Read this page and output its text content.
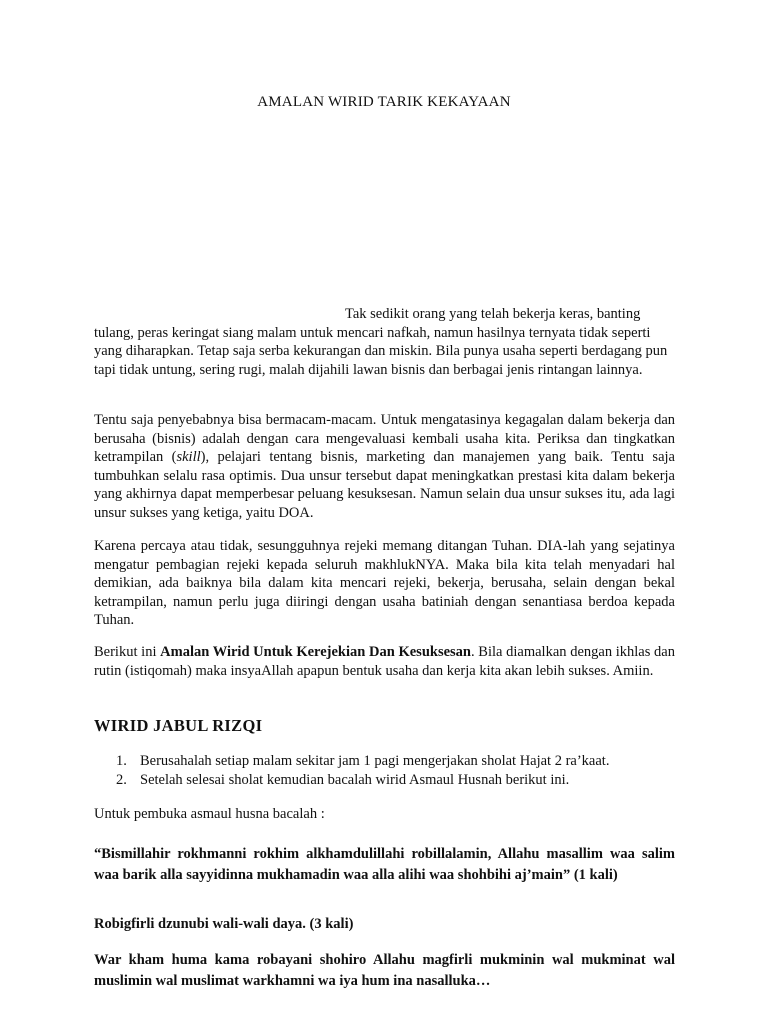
AMALAN WIRID TARIK KEKAYAAN
Tak sedikit orang yang telah bekerja keras, banting
tulang, peras keringat siang malam untuk mencari nafkah, namun hasilnya ternyata tidak seperti yang diharapkan. Tetap saja serba kekurangan dan miskin. Bila punya usaha seperti berdagang pun tapi tidak untung, sering rugi, malah dijahili lawan bisnis dan berbagai jenis rintangan lainnya.
Tentu saja penyebabnya bisa bermacam-macam. Untuk mengatasinya kegagalan dalam bekerja dan berusaha (bisnis) adalah dengan cara mengevaluasi kembali usaha kita. Periksa dan tingkatkan ketrampilan (skill), pelajari tentang bisnis, marketing dan manajemen yang baik. Tentu saja tumbuhkan selalu rasa optimis. Dua unsur tersebut dapat meningkatkan prestasi kita dalam bekerja yang akhirnya dapat memperbesar peluang kesuksesan. Namun selain dua unsur sukses itu, ada lagi unsur sukses yang ketiga, yaitu DOA.
Karena percaya atau tidak, sesungguhnya rejeki memang ditangan Tuhan. DIA-lah yang sejatinya mengatur pembagian rejeki kepada seluruh makhlukNYA. Maka bila kita telah menyadari hal demikian, ada baiknya bila dalam kita mencari rejeki, bekerja, berusaha, selain dengan bekal ketrampilan, namun perlu juga diiringi dengan usaha batiniah dengan senantiasa berdoa kepada Tuhan.
Berikut ini Amalan Wirid Untuk Kerejekian Dan Kesuksesan. Bila diamalkan dengan ikhlas dan rutin (istiqomah) maka insyaAllah apapun bentuk usaha dan kerja kita akan lebih sukses. Amiin.
WIRID JABUL RIZQI
1. Berusahalah setiap malam sekitar jam 1 pagi mengerjakan sholat Hajat 2 ra’kaat.
2. Setelah selesai sholat kemudian bacalah wirid Asmaul Husnah berikut ini.
Untuk pembuka asmaul husna bacalah :
“Bismillahir rokhmanni rokhim alkhamdulillahi robillalamin, Allahu masallim waa salim waa barik alla sayyidinna mukhamadin waa alla alihi waa shohbihi aj’main” (1 kali)
Robigfirli dzunubi wali-wali daya. (3 kali)
War kham huma kama robayani shohiro Allahu magfirli mukminin wal mukminat wal muslimin wal muslimat warkhamni wa iya hum ina nasalluka…
